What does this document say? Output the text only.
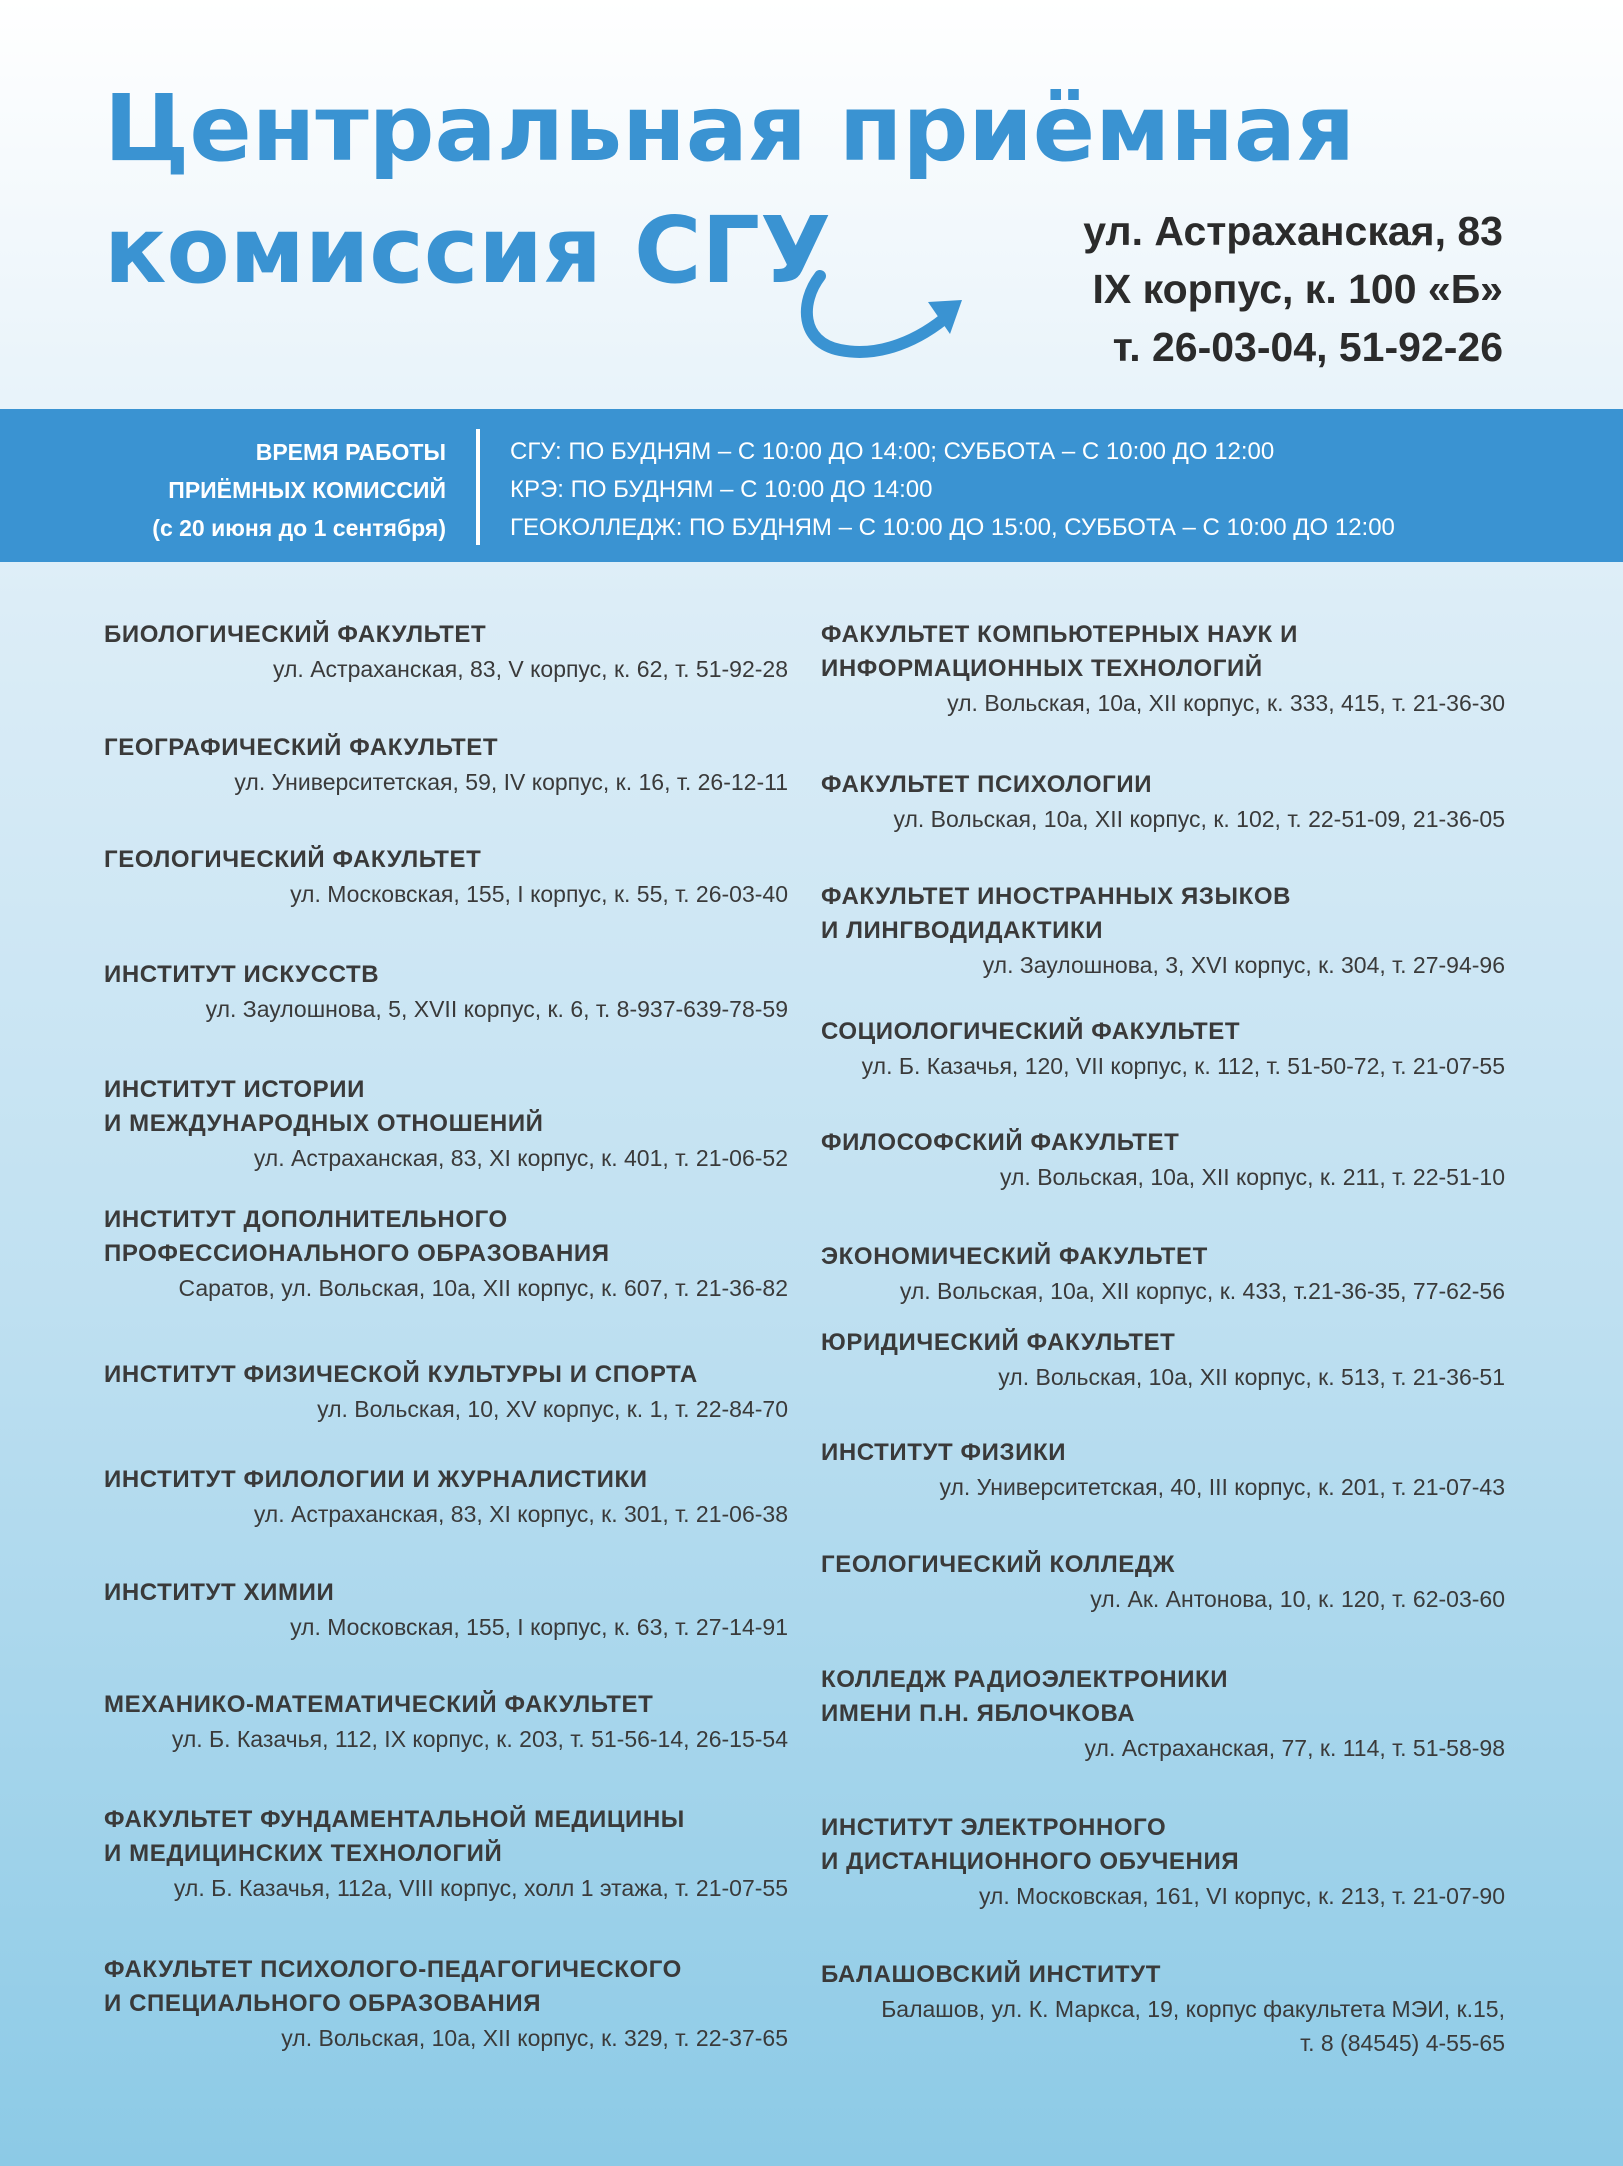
Центральная приёмная
комиссия СГУ	ул. Астраханская, 83
IX корпус, к. 100 «Б»
т. 26-03-04, 51-92-26
ВРЕМЯ РАБОТЫ
ПРИЁМНЫХ КОМИССИЙ
(с 20 июня до 1 сентября)
СГУ: ПО БУДНЯМ – С 10:00 ДО 14:00; СУББОТА – С 10:00 ДО 12:00
КРЭ: ПО БУДНЯМ – С 10:00 ДО 14:00
ГЕОКОЛЛЕДЖ: ПО БУДНЯМ – С 10:00 ДО 15:00, СУББОТА – С 10:00 ДО 12:00
БИОЛОГИЧЕСКИЙ ФАКУЛЬТЕТ
ул. Астраханская, 83, V корпус, к. 62, т. 51-92-28
ГЕОГРАФИЧЕСКИЙ ФАКУЛЬТЕТ
ул. Университетская, 59, IV корпус, к. 16, т. 26-12-11
ГЕОЛОГИЧЕСКИЙ ФАКУЛЬТЕТ
ул. Московская, 155, I корпус, к. 55, т. 26-03-40
ИНСТИТУТ ИСКУССТВ
ул. Заулошнова, 5, XVII корпус, к. 6, т. 8-937-639-78-59
ИНСТИТУТ ИСТОРИИ
И МЕЖДУНАРОДНЫХ ОТНОШЕНИЙ
ул. Астраханская, 83, XI корпус, к. 401, т. 21-06-52
ИНСТИТУТ ДОПОЛНИТЕЛЬНОГО
ПРОФЕССИОНАЛЬНОГО ОБРАЗОВАНИЯ
Саратов, ул. Вольская, 10а, XII корпус, к. 607, т. 21-36-82
ИНСТИТУТ ФИЗИЧЕСКОЙ КУЛЬТУРЫ И СПОРТА
ул. Вольская, 10, XV корпус, к. 1, т. 22-84-70
ИНСТИТУТ ФИЛОЛОГИИ И ЖУРНАЛИСТИКИ
ул. Астраханская, 83, XI корпус, к. 301, т. 21-06-38
ИНСТИТУТ ХИМИИ
ул. Московская, 155, I корпус, к. 63, т. 27-14-91
МЕХАНИКО-МАТЕМАТИЧЕСКИЙ ФАКУЛЬТЕТ
ул. Б. Казачья, 112, IX корпус, к. 203, т. 51-56-14, 26-15-54
ФАКУЛЬТЕТ ФУНДАМЕНТАЛЬНОЙ МЕДИЦИНЫ
И МЕДИЦИНСКИХ ТЕХНОЛОГИЙ
ул. Б. Казачья, 112а, VIII корпус, холл 1 этажа, т. 21-07-55
ФАКУЛЬТЕТ ПСИХОЛОГО-ПЕДАГОГИЧЕСКОГО
И СПЕЦИАЛЬНОГО ОБРАЗОВАНИЯ
ул. Вольская, 10а, XII корпус, к. 329, т. 22-37-65
ФАКУЛЬТЕТ КОМПЬЮТЕРНЫХ НАУК И
ИНФОРМАЦИОННЫХ ТЕХНОЛОГИЙ
ул. Вольская, 10а, XII корпус, к. 333, 415, т. 21-36-30
ФАКУЛЬТЕТ ПСИХОЛОГИИ
ул. Вольская, 10а, XII корпус, к. 102, т. 22-51-09, 21-36-05
ФАКУЛЬТЕТ ИНОСТРАННЫХ ЯЗЫКОВ
И ЛИНГВОДИДАКТИКИ
ул. Заулошнова, 3, XVI корпус, к. 304, т. 27-94-96
СОЦИОЛОГИЧЕСКИЙ ФАКУЛЬТЕТ
ул. Б. Казачья, 120, VII корпус, к. 112, т. 51-50-72, т. 21-07-55
ФИЛОСОФСКИЙ ФАКУЛЬТЕТ
ул. Вольская, 10а, XII корпус, к. 211, т. 22-51-10
ЭКОНОМИЧЕСКИЙ ФАКУЛЬТЕТ
ул. Вольская, 10а, XII корпус, к. 433, т.21-36-35, 77-62-56
ЮРИДИЧЕСКИЙ ФАКУЛЬТЕТ
ул. Вольская, 10а, XII корпус, к. 513, т. 21-36-51
ИНСТИТУТ ФИЗИКИ
ул. Университетская, 40, III корпус, к. 201, т. 21-07-43
ГЕОЛОГИЧЕСКИЙ КОЛЛЕДЖ
ул. Ак. Антонова, 10, к. 120, т. 62-03-60
КОЛЛЕДЖ РАДИОЭЛЕКТРОНИКИ
ИМЕНИ П.Н. ЯБЛОЧКОВА
ул. Астраханская, 77, к. 114, т. 51-58-98
ИНСТИТУТ ЭЛЕКТРОННОГО
И ДИСТАНЦИОННОГО ОБУЧЕНИЯ
ул. Московская, 161, VI корпус, к. 213, т. 21-07-90
БАЛАШОВСКИЙ ИНСТИТУТ
Балашов, ул. К. Маркса, 19, корпус факультета МЭИ, к.15,
т. 8 (84545) 4-55-65
